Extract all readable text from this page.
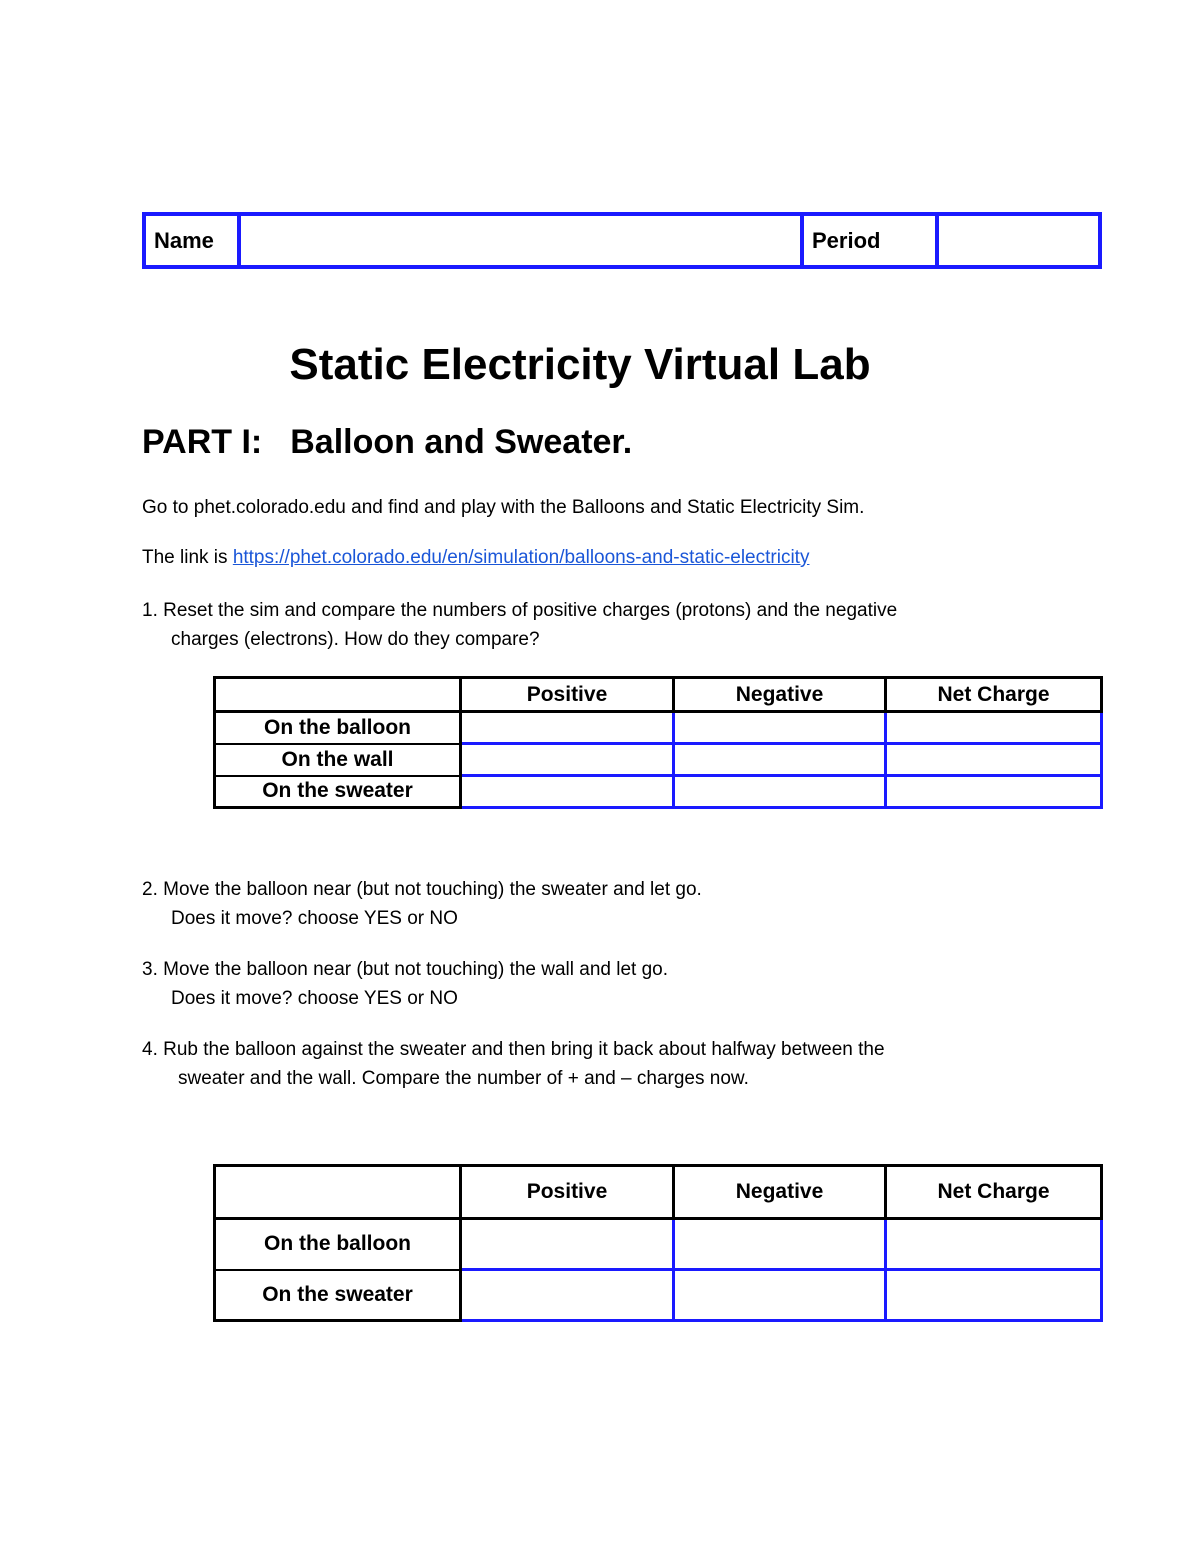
Name	Period
Static Electricity Virtual Lab
PART I: Balloon and Sweater.

Go to phet.colorado.edu and find and play with the Balloons and Static Electricity Sim.

The link is https://phet.colorado.edu/en/simulation/balloons-and-static-electricity

1. Reset the sim and compare the numbers of positive charges (protons) and the negative
charges (electrons). How do they compare?

	Positive	Negative	Net Charge
On the balloon			
On the wall			
On the sweater			

2. Move the balloon near (but not touching) the sweater and let go.
Does it move? choose YES or NO

3. Move the balloon near (but not touching) the wall and let go.
Does it move? choose YES or NO

4. Rub the balloon against the sweater and then bring it back about halfway between the
sweater and the wall. Compare the number of + and – charges now.

	Positive	Negative	Net Charge
On the balloon			
On the sweater			
